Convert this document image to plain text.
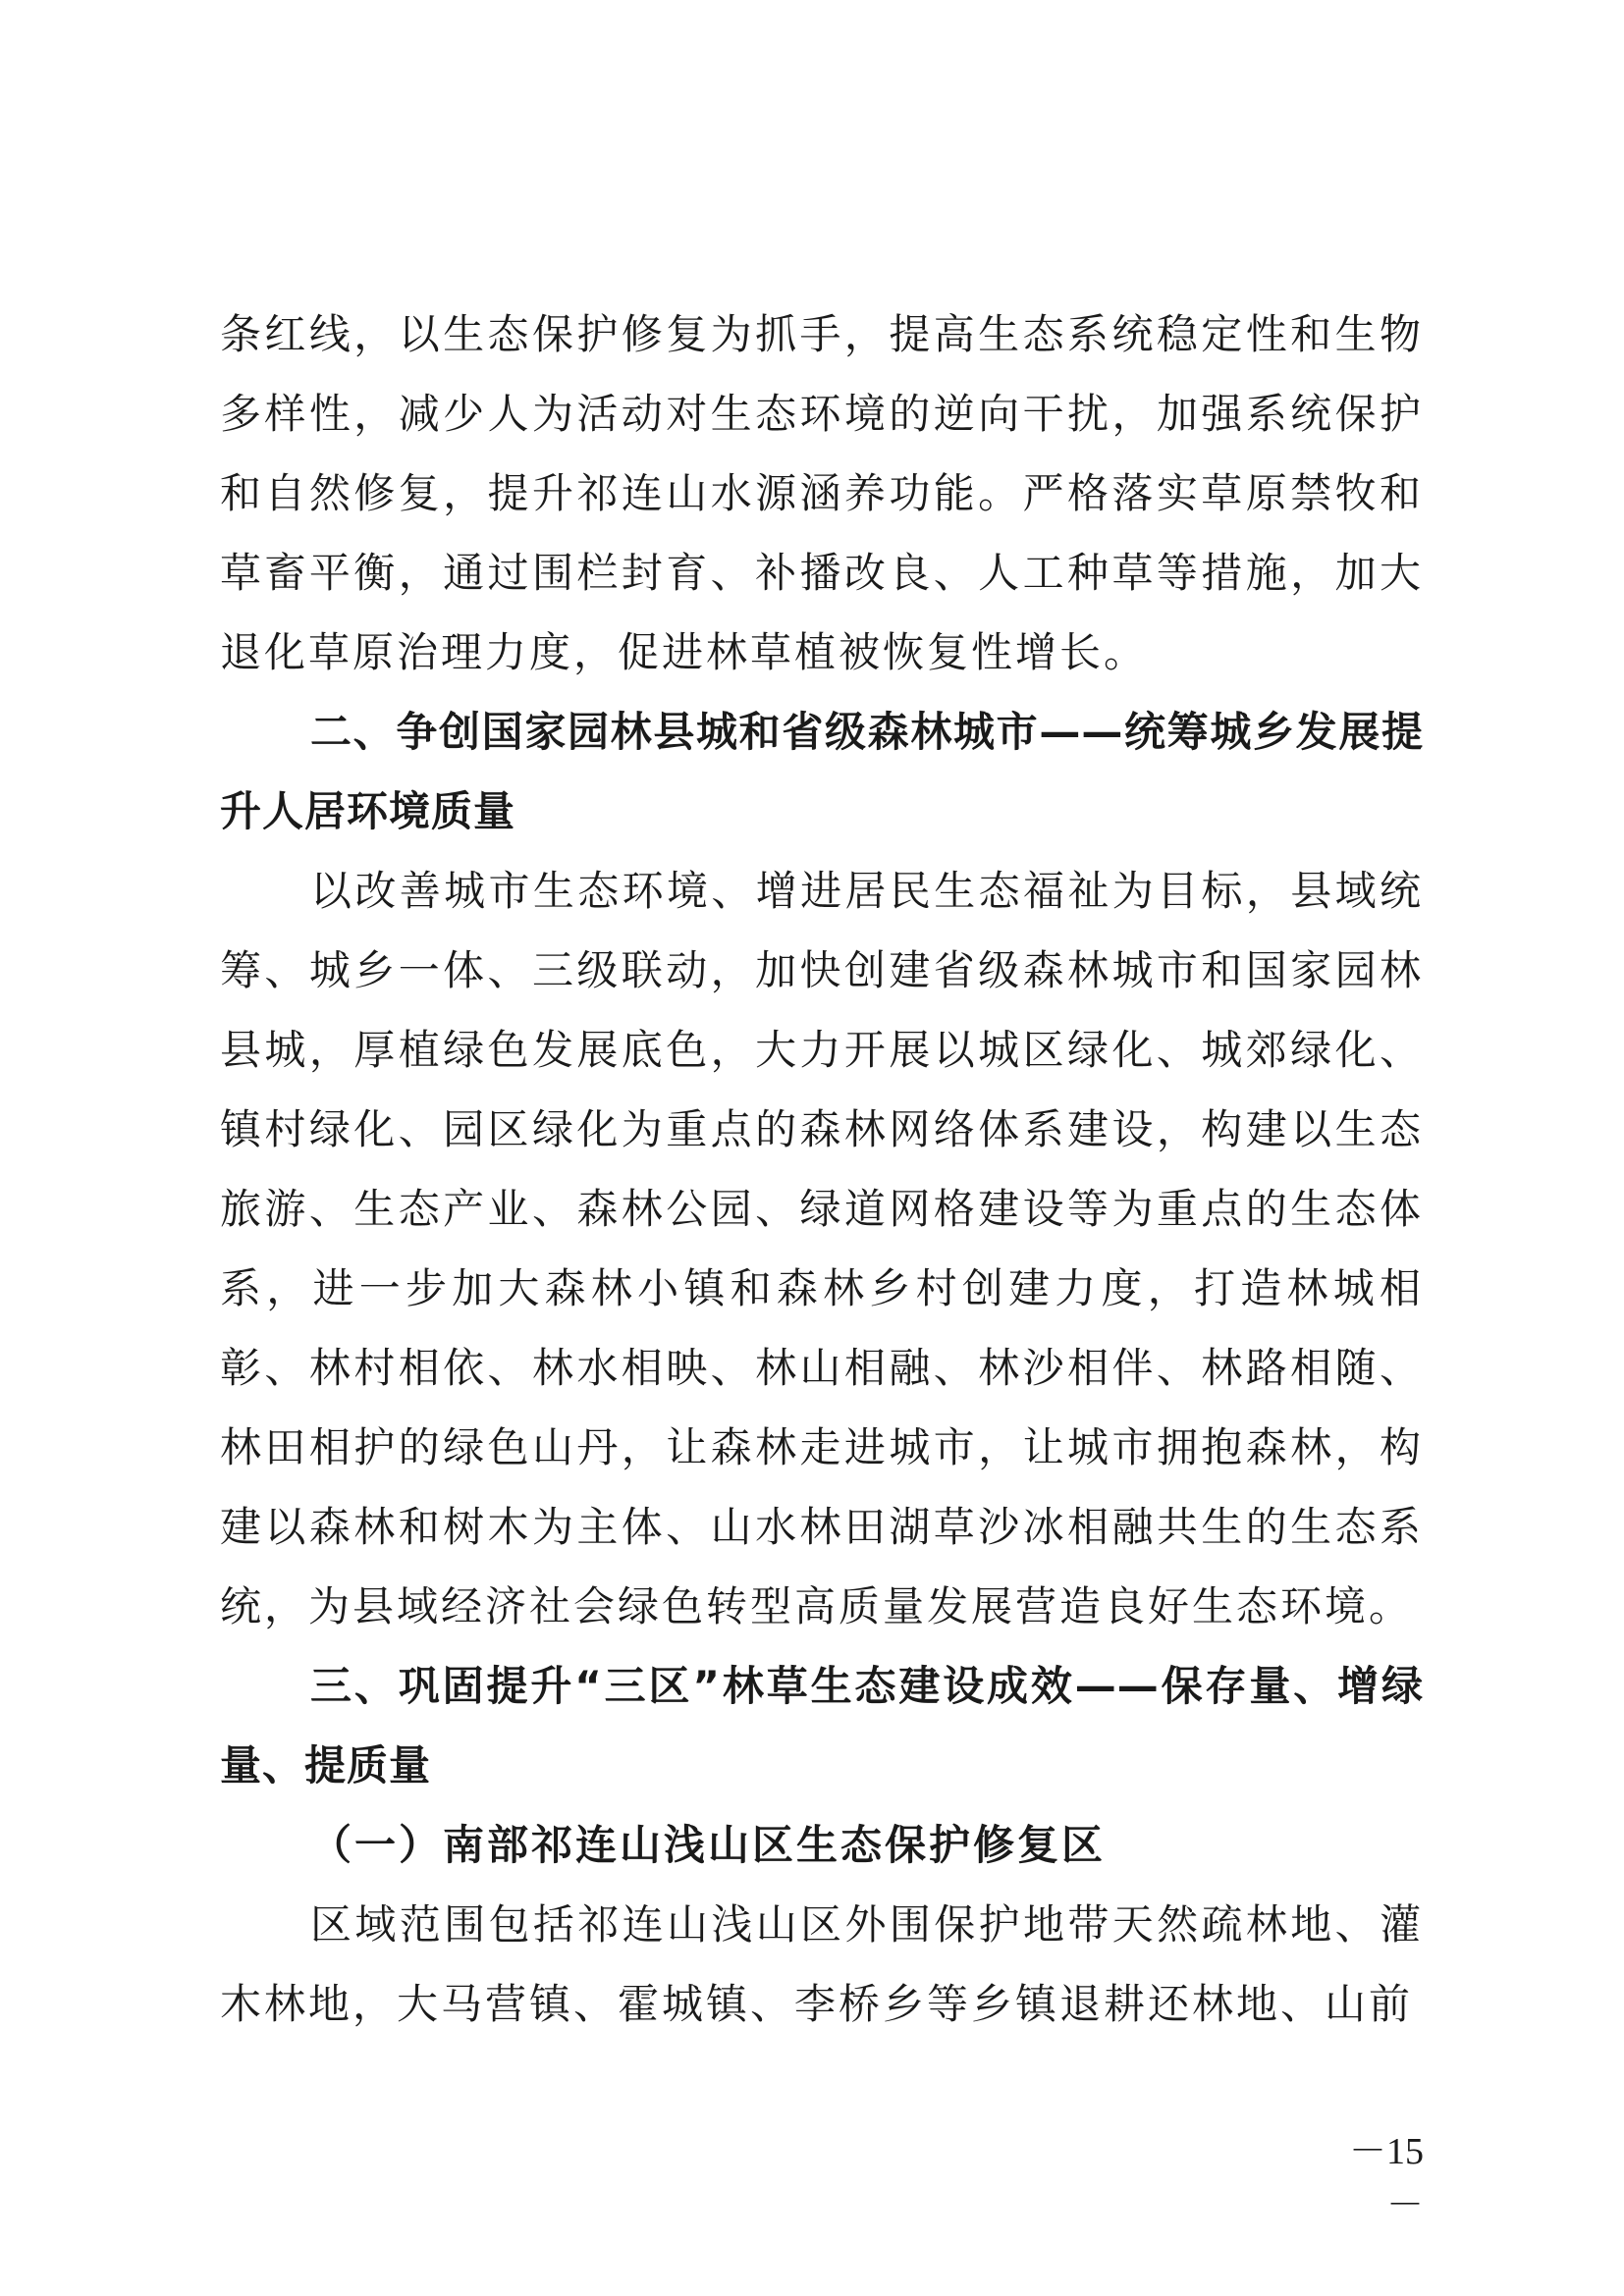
条红线，以生态保护修复为抓手，提高生态系统稳定性和生物多样性，减少人为活动对生态环境的逆向干扰，加强系统保护和自然修复，提升祁连山水源涵养功能。严格落实草原禁牧和草畜平衡，通过围栏封育、补播改良、人工种草等措施，加大退化草原治理力度，促进林草植被恢复性增长。

二、争创国家园林县城和省级森林城市——统筹城乡发展提升人居环境质量

以改善城市生态环境、增进居民生态福祉为目标，县域统筹、城乡一体、三级联动，加快创建省级森林城市和国家园林县城，厚植绿色发展底色，大力开展以城区绿化、城郊绿化、镇村绿化、园区绿化为重点的森林网络体系建设，构建以生态旅游、生态产业、森林公园、绿道网格建设等为重点的生态体系，进一步加大森林小镇和森林乡村创建力度，打造林城相彰、林村相依、林水相映、林山相融、林沙相伴、林路相随、林田相护的绿色山丹，让森林走进城市，让城市拥抱森林，构建以森林和树木为主体、山水林田湖草沙冰相融共生的生态系统，为县域经济社会绿色转型高质量发展营造良好生态环境。

三、巩固提升“三区”林草生态建设成效——保存量、增绿量、提质量

（一）南部祁连山浅山区生态保护修复区

区域范围包括祁连山浅山区外围保护地带天然疏林地、灌木林地，大马营镇、霍城镇、李桥乡等乡镇退耕还林地、山前

－15－
